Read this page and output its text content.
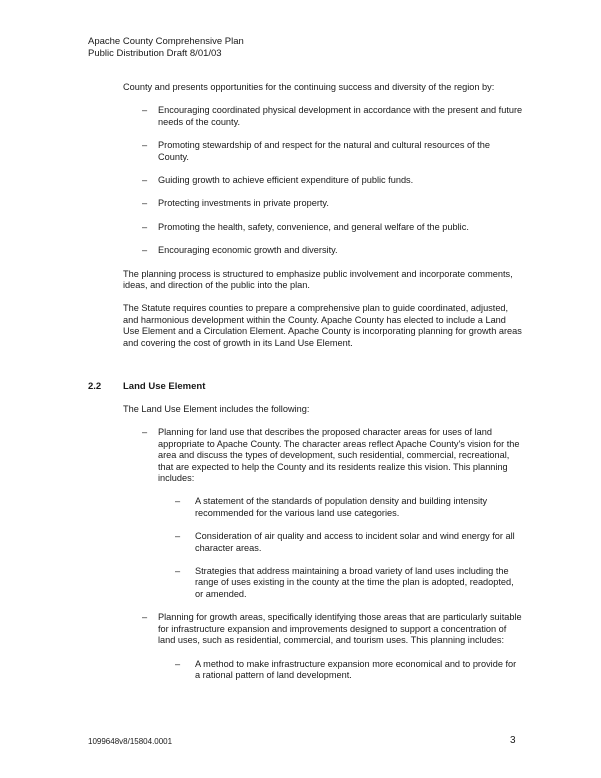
Apache County Comprehensive Plan
Public Distribution Draft 8/01/03

County and presents opportunities for the continuing success and diversity of the region by:

– Encouraging coordinated physical development in accordance with the present and future needs of the county.

– Promoting stewardship of and respect for the natural and cultural resources of the County.

– Guiding growth to achieve efficient expenditure of public funds.

– Protecting investments in private property.

– Promoting the health, safety, convenience, and general welfare of the public.

– Encouraging economic growth and diversity.

The planning process is structured to emphasize public involvement and incorporate comments, ideas, and direction of the public into the plan.

The Statute requires counties to prepare a comprehensive plan to guide coordinated, adjusted, and harmonious development within the County. Apache County has elected to include a Land Use Element and a Circulation Element. Apache County is incorporating planning for growth areas and covering the cost of growth in its Land Use Element.

2.2 Land Use Element

The Land Use Element includes the following:

– Planning for land use that describes the proposed character areas for uses of land appropriate to Apache County. The character areas reflect Apache County's vision for the area and discuss the types of development, such residential, commercial, recreational, that are expected to help the County and its residents realize this vision. This planning includes:

– A statement of the standards of population density and building intensity recommended for the various land use categories.

– Consideration of air quality and access to incident solar and wind energy for all character areas.

– Strategies that address maintaining a broad variety of land uses including the range of uses existing in the county at the time the plan is adopted, readopted, or amended.

– Planning for growth areas, specifically identifying those areas that are particularly suitable for infrastructure expansion and improvements designed to support a concentration of land uses, such as residential, commercial, and tourism uses. This planning includes:

– A method to make infrastructure expansion more economical and to provide for a rational pattern of land development.

1099648v8/15804.0001	3
